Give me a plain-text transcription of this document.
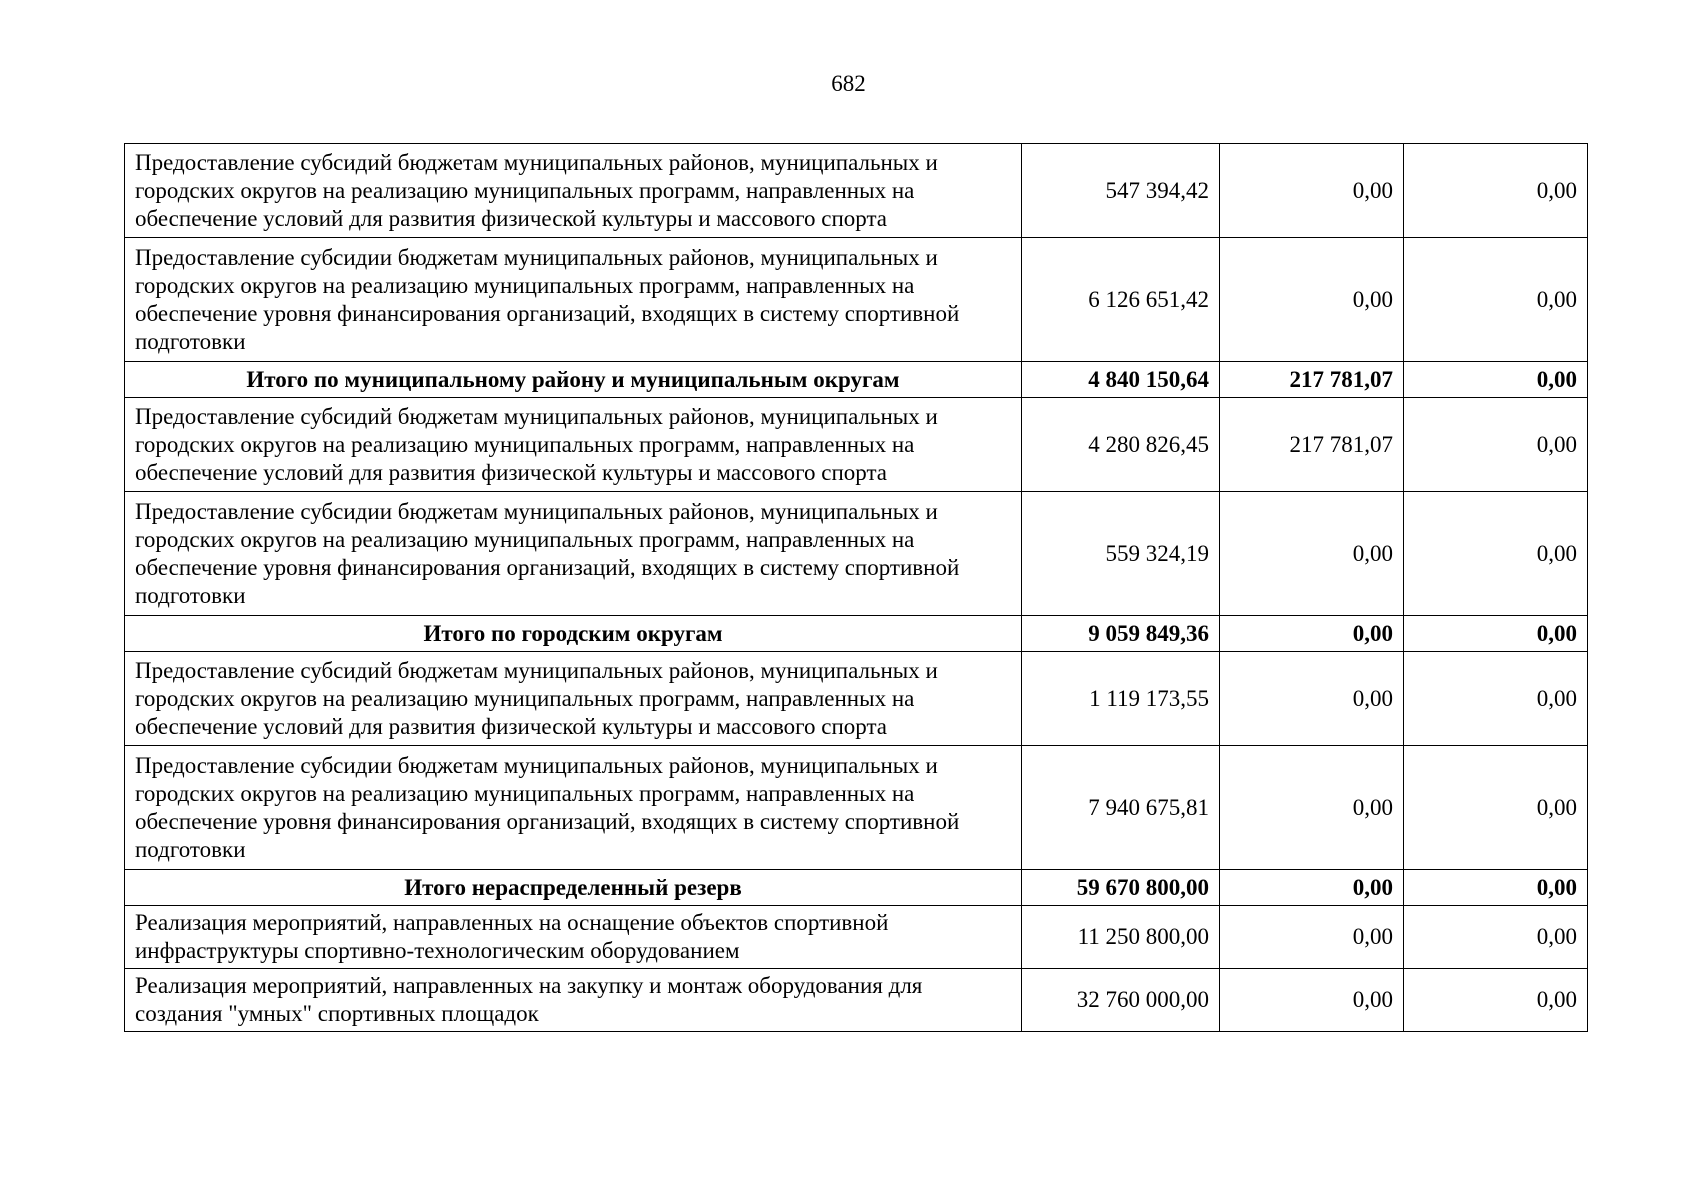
682
Предоставление субсидий бюджетам муниципальных районов, муниципальных и городских округов на реализацию муниципальных программ, направленных на обеспечение условий для развития физической культуры и массового спорта	547 394,42	0,00	0,00
Предоставление субсидии бюджетам муниципальных районов, муниципальных и городских округов на реализацию муниципальных программ, направленных на обеспечение уровня финансирования организаций, входящих в систему спортивной подготовки	6 126 651,42	0,00	0,00
Итого по муниципальному району и муниципальным округам	4 840 150,64	217 781,07	0,00
Предоставление субсидий бюджетам муниципальных районов, муниципальных и городских округов на реализацию муниципальных программ, направленных на обеспечение условий для развития физической культуры и массового спорта	4 280 826,45	217 781,07	0,00
Предоставление субсидии бюджетам муниципальных районов, муниципальных и городских округов на реализацию муниципальных программ, направленных на обеспечение уровня финансирования организаций, входящих в систему спортивной подготовки	559 324,19	0,00	0,00
Итого по городским округам	9 059 849,36	0,00	0,00
Предоставление субсидий бюджетам муниципальных районов, муниципальных и городских округов на реализацию муниципальных программ, направленных на обеспечение условий для развития физической культуры и массового спорта	1 119 173,55	0,00	0,00
Предоставление субсидии бюджетам муниципальных районов, муниципальных и городских округов на реализацию муниципальных программ, направленных на обеспечение уровня финансирования организаций, входящих в систему спортивной подготовки	7 940 675,81	0,00	0,00
Итого нераспределенный резерв	59 670 800,00	0,00	0,00
Реализация мероприятий, направленных на оснащение объектов спортивной инфраструктуры спортивно-технологическим оборудованием	11 250 800,00	0,00	0,00
Реализация мероприятий, направленных на закупку и монтаж оборудования для создания "умных" спортивных площадок	32 760 000,00	0,00	0,00
